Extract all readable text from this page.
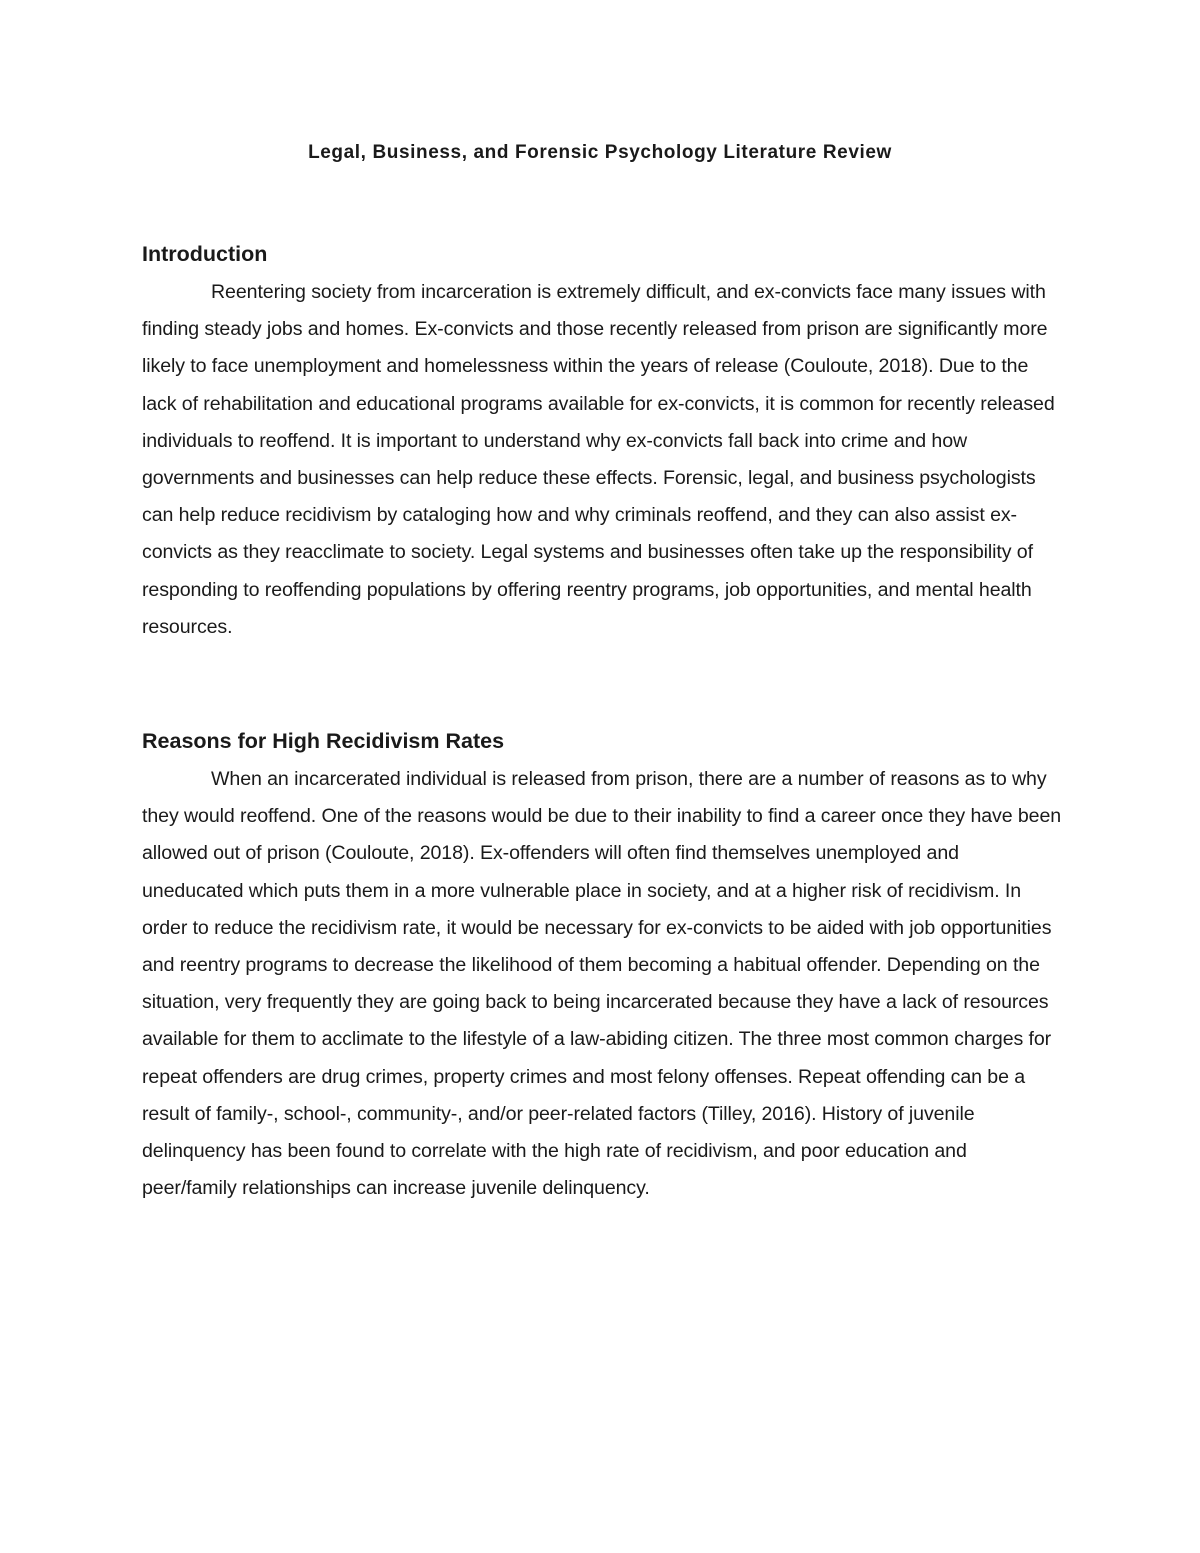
Legal, Business, and Forensic Psychology Literature Review
Introduction

Reentering society from incarceration is extremely difficult, and ex-convicts face many issues with finding steady jobs and homes. Ex-convicts and those recently released from prison are significantly more likely to face unemployment and homelessness within the years of release (Couloute, 2018). Due to the lack of rehabilitation and educational programs available for ex-convicts, it is common for recently released individuals to reoffend. It is important to understand why ex-convicts fall back into crime and how governments and businesses can help reduce these effects. Forensic, legal, and business psychologists can help reduce recidivism by cataloging how and why criminals reoffend, and they can also assist ex-convicts as they reacclimate to society. Legal systems and businesses often take up the responsibility of responding to reoffending populations by offering reentry programs, job opportunities, and mental health resources.

Reasons for High Recidivism Rates

When an incarcerated individual is released from prison, there are a number of reasons as to why they would reoffend. One of the reasons would be due to their inability to find a career once they have been allowed out of prison (Couloute, 2018). Ex-offenders will often find themselves unemployed and uneducated which puts them in a more vulnerable place in society, and at a higher risk of recidivism. In order to reduce the recidivism rate, it would be necessary for ex-convicts to be aided with job opportunities and reentry programs to decrease the likelihood of them becoming a habitual offender. Depending on the situation, very frequently they are going back to being incarcerated because they have a lack of resources available for them to acclimate to the lifestyle of a law-abiding citizen. The three most common charges for repeat offenders are drug crimes, property crimes and most felony offenses. Repeat offending can be a result of family-, school-, community-, and/or peer-related factors (Tilley, 2016). History of juvenile delinquency has been found to correlate with the high rate of recidivism, and poor education and peer/family relationships can increase juvenile delinquency.
